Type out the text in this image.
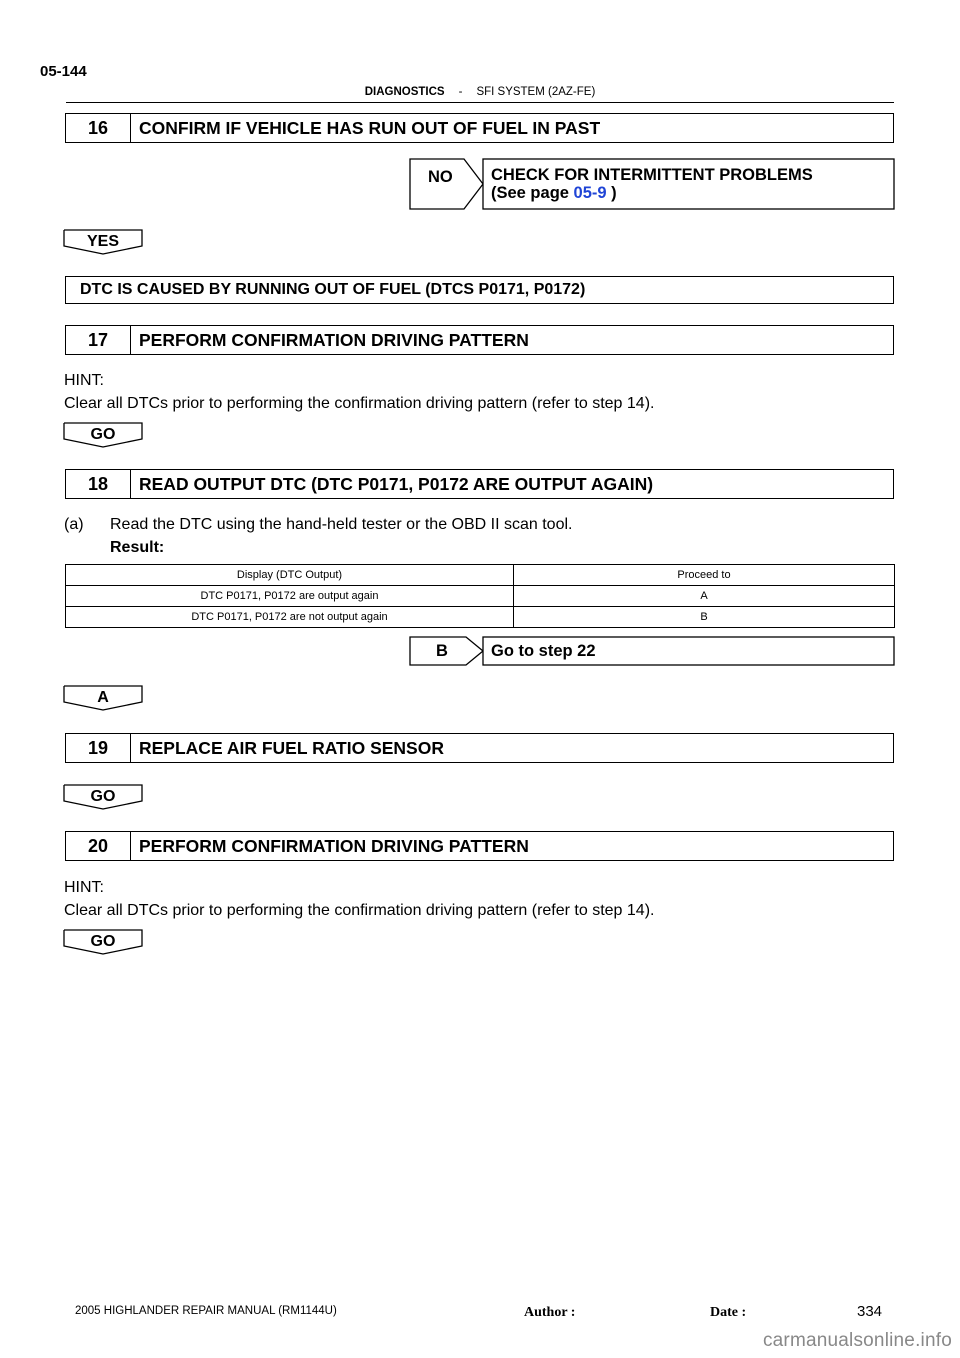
05-144
DIAGNOSTICS - SFI SYSTEM (2AZ-FE)
16	CONFIRM IF VEHICLE HAS RUN OUT OF FUEL IN PAST
NO CHECK FOR INTERMITTENT PROBLEMS
(See page 05-9 )
YES
DTC IS CAUSED BY RUNNING OUT OF FUEL (DTCS P0171, P0172)
17	PERFORM CONFIRMATION DRIVING PATTERN
HINT:
Clear all DTCs prior to performing the confirmation driving pattern (refer to step 14).
GO
18	READ OUTPUT DTC (DTC P0171, P0172 ARE OUTPUT AGAIN)
(a) Read the DTC using the hand-held tester or the OBD II scan tool.
Result:
Display (DTC Output)	Proceed to
DTC P0171, P0172 are output again	A
DTC P0171, P0172 are not output again	B
B	Go to step 22
A
19	REPLACE AIR FUEL RATIO SENSOR
GO
20	PERFORM CONFIRMATION DRIVING PATTERN
HINT:
Clear all DTCs prior to performing the confirmation driving pattern (refer to step 14).
GO
2005 HIGHLANDER REPAIR MANUAL (RM1144U)	Author :	Date :	334
carmanualsonline.info
